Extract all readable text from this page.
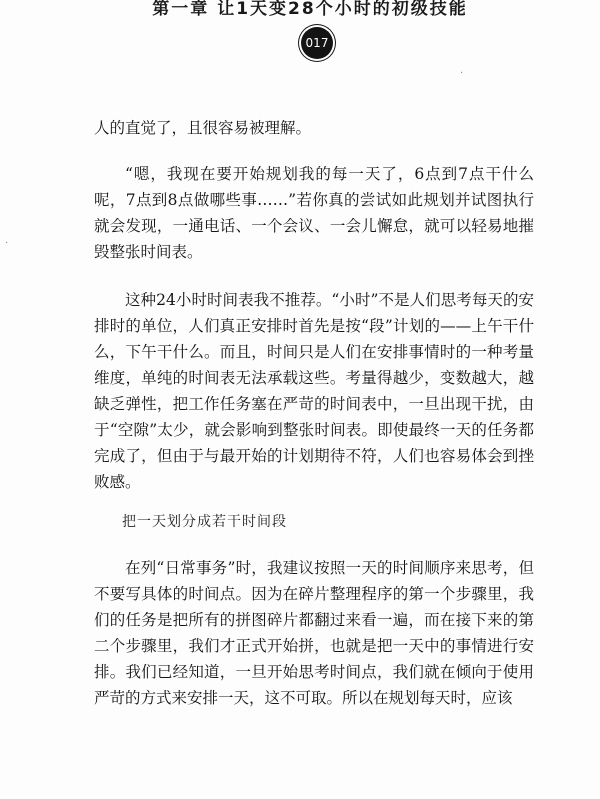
第一章 让1天变28个小时的初级技能
017
·
·

人的直觉了，且很容易被理解。

“嗯，我现在要开始规划我的每一天了，6点到7点干什么呢，7点到8点做哪些事……”若你真的尝试如此规划并试图执行就会发现，一通电话、一个会议、一会儿懈怠，就可以轻易地摧毁整张时间表。

这种24小时时间表我不推荐。“小时”不是人们思考每天的安排时的单位，人们真正安排时首先是按“段”计划的——上午干什么，下午干什么。而且，时间只是人们在安排事情时的一种考量维度，单纯的时间表无法承载这些。考量得越少，变数越大，越缺乏弹性，把工作任务塞在严苛的时间表中，一旦出现干扰，由于“空隙”太少，就会影响到整张时间表。即使最终一天的任务都完成了，但由于与最开始的计划期待不符，人们也容易体会到挫败感。

把一天划分成若干时间段

在列“日常事务”时，我建议按照一天的时间顺序来思考，但不要写具体的时间点。因为在碎片整理程序的第一个步骤里，我们的任务是把所有的拼图碎片都翻过来看一遍，而在接下来的第二个步骤里，我们才正式开始拼，也就是把一天中的事情进行安排。我们已经知道，一旦开始思考时间点，我们就在倾向于使用严苛的方式来安排一天，这不可取。所以在规划每天时，应该
